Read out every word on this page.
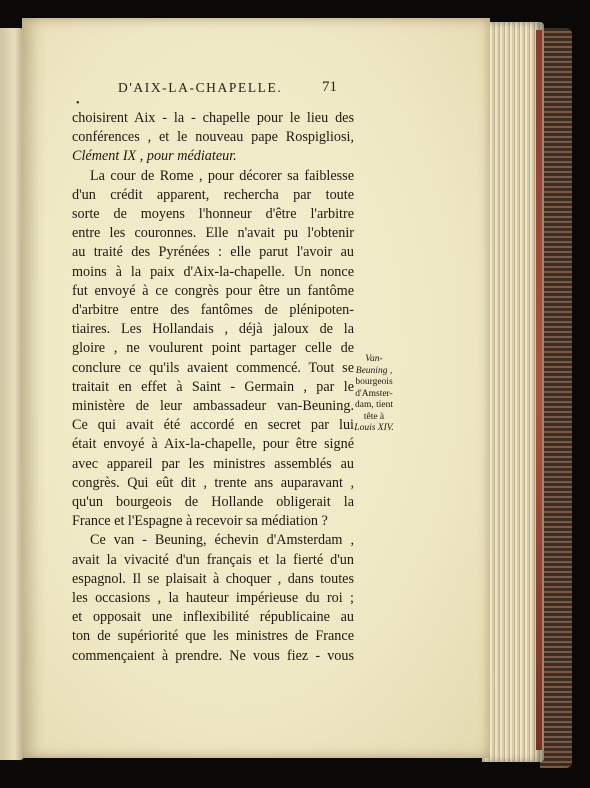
D'AIX-LA-CHAPELLE.	71
•

choisirent Aix - la - chapelle pour le lieu des
conférences , et le nouveau pape Rospigliosi,
Clément IX , pour médiateur.

La cour de Rome , pour décorer sa faiblesse
d'un crédit apparent, rechercha par toute
sorte de moyens l'honneur d'être l'arbitre
entre les couronnes. Elle n'avait pu l'obtenir
au traité des Pyrénées : elle parut l'avoir au
moins à la paix d'Aix-la-chapelle. Un nonce
fut envoyé à ce congrès pour être un fantôme
d'arbitre entre des fantômes de plénipoten-
tiaires. Les Hollandais , déjà jaloux de la
gloire , ne voulurent point partager celle de
conclure ce qu'ils avaient commencé. Tout se
traitait en effet à Saint - Germain , par le
ministère de leur ambassadeur van-Beuning.
Ce qui avait été accordé en secret par lui
était envoyé à Aix-la-chapelle, pour être signé
avec appareil par les ministres assemblés au
congrès. Qui eût dit , trente ans auparavant ,
qu'un bourgeois de Hollande obligerait la
France et l'Espagne à recevoir sa médiation ?

Ce van - Beuning, échevin d'Amsterdam ,
avait la vivacité d'un français et la fierté d'un
espagnol. Il se plaisait à choquer , dans toutes
les occasions , la hauteur impérieuse du roi ;
et opposait une inflexibilité républicaine au
ton de supériorité que les ministres de France
commençaient à prendre. Ne vous fiez - vous

Van-
Beuning ,
bourgeois
d'Amster-
dam, tient
tête à
Louis XIV.
